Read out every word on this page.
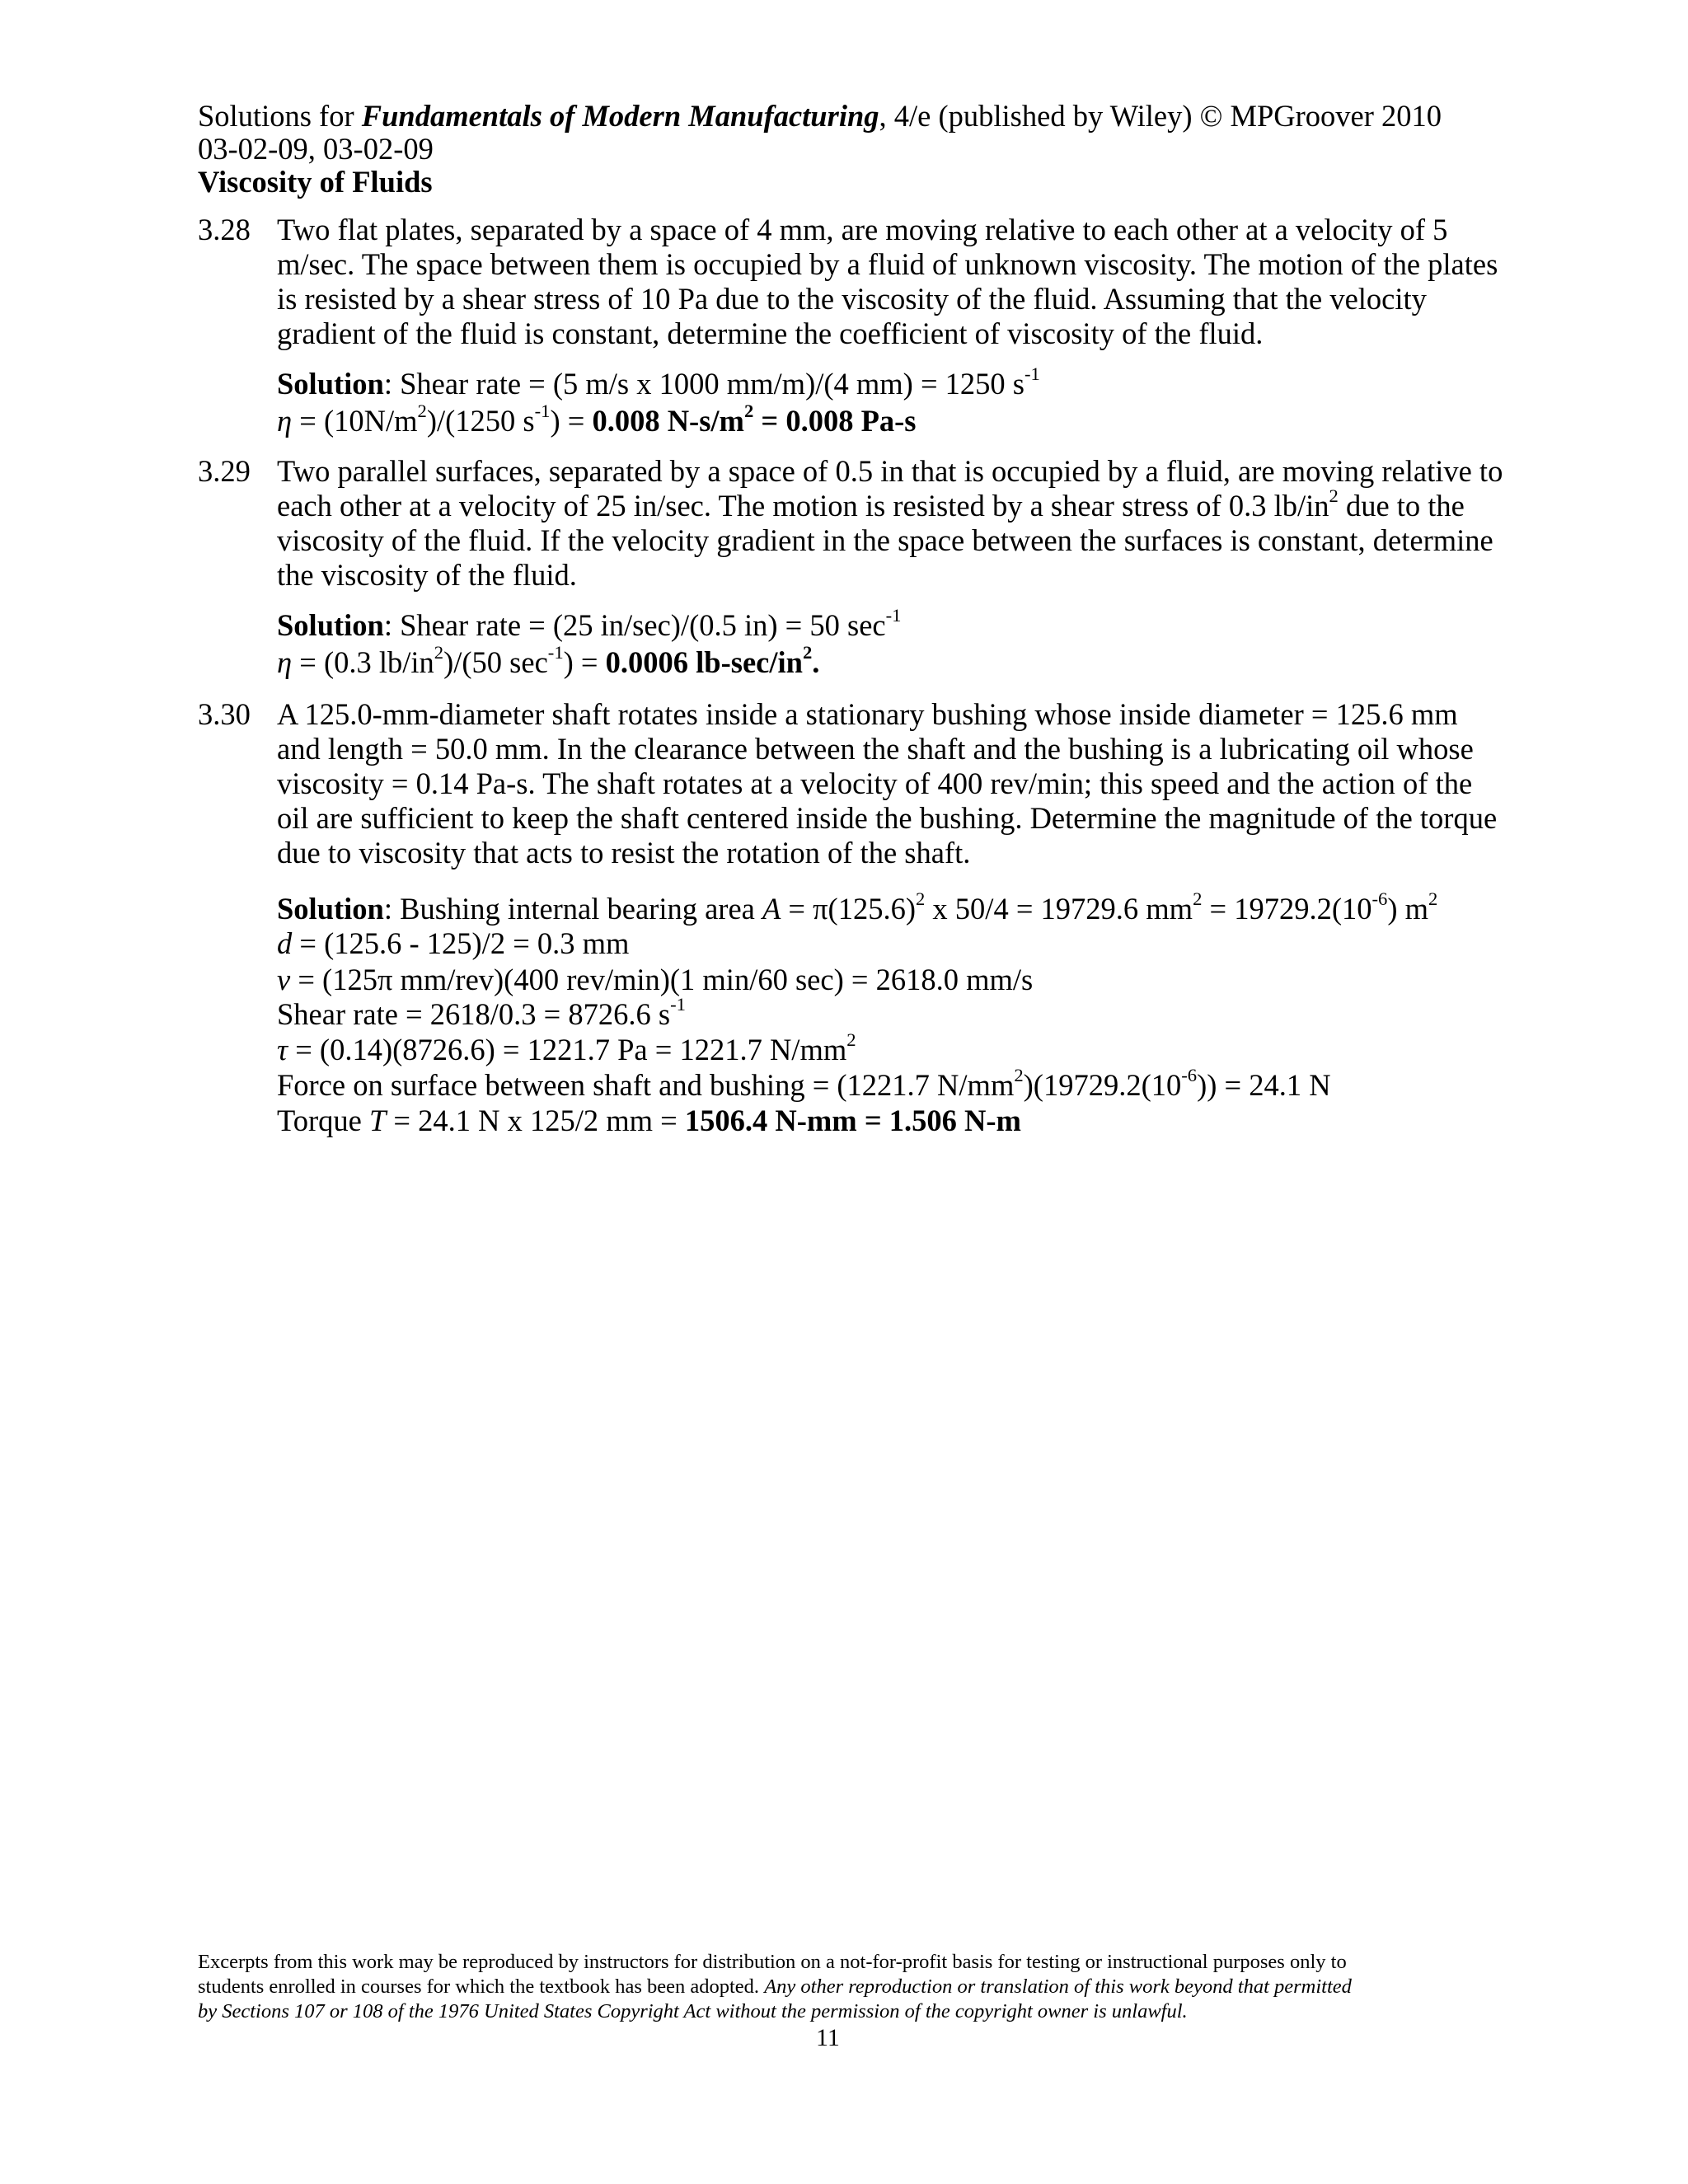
Solutions for Fundamentals of Modern Manufacturing, 4/e (published by Wiley) © MPGroover 2010
03-02-09, 03-02-09
Viscosity of Fluids
3.28 Two flat plates, separated by a space of 4 mm, are moving relative to each other at a velocity of 5
m/sec. The space between them is occupied by a fluid of unknown viscosity. The motion of the plates
is resisted by a shear stress of 10 Pa due to the viscosity of the fluid. Assuming that the velocity
gradient of the fluid is constant, determine the coefficient of viscosity of the fluid.
Solution: Shear rate = (5 m/s x 1000 mm/m)/(4 mm) = 1250 $s^{-1}$
$\eta = (10N/m^2)/(1250$ $s^{-1}) = 0.008$ $N-s/m^2 = 0.008$ Pa-s
3.29 Two parallel surfaces, separated by a space of 0.5 in that is occupied by a fluid, are moving relative to
each other at a velocity of 25 in/sec. The motion is resisted by a shear stress of 0.3 $lb/in^2$ due to the
viscosity of the fluid. If the velocity gradient in the space between the surfaces is constant, determine
the viscosity of the fluid.
Solution: Shear rate = (25 in/sec)/(0.5 in) = 50 $\sec^{-1}$
η = (0.3 $lb/in^2)/(50$ $\sec^{-1}) = 0.0006$ $lb-\sec/in^2$.
3.30 A 125.0-mm-diameter shaft rotates inside a stationary bushing whose inside diameter = 125.6 mm
and length = 50.0 mm. In the clearance between the shaft and the bushing is a lubricating oil whose
viscosity = 0.14 Pa-s. The shaft rotates at a velocity of 400 rev/min; this speed and the action of the
oil are sufficient to keep the shaft centered inside the bushing. Determine the magnitude of the torque
due to viscosity that acts to resist the rotation of the shaft.
Solution: Bushing internal bearing area $A = \pi(125.6)^2$ x 50/4 = 19729.6 $mm^2 = 19729.2(10^{-6})$ $m^2$
d = (125.6 - 125)/2 = 0.3 mm
v = (125π mm/rev)(400 rev/min)(1 min/60 sec) = 2618.0 mm/s
Shear rate = 2618/0.3 = 8726.6 $s^{-1}$
τ = (0.14)(8726.6) = 1221.7 Pa = 1221.7 $N/mm^2$
Force on surface between shaft and bushing = (1221.7 $N/mm^2)(19729.2(10^{-6})) = 24.1$ N
Torque T = 24.1 N x 125/2 mm = 1506.4 N-mm = 1.506 N-m
Excerpts from this work may be reproduced by instructors for distribution on a not-for-profit basis for testing or instructional purposes only to
students enrolled in courses for which the textbook has been adopted. Any other reproduction or translation of this work beyond that permitted
by Sections 107 or 108 of the 1976 United States Copyright Act without the permission of the copyright owner is unlawful.
11
